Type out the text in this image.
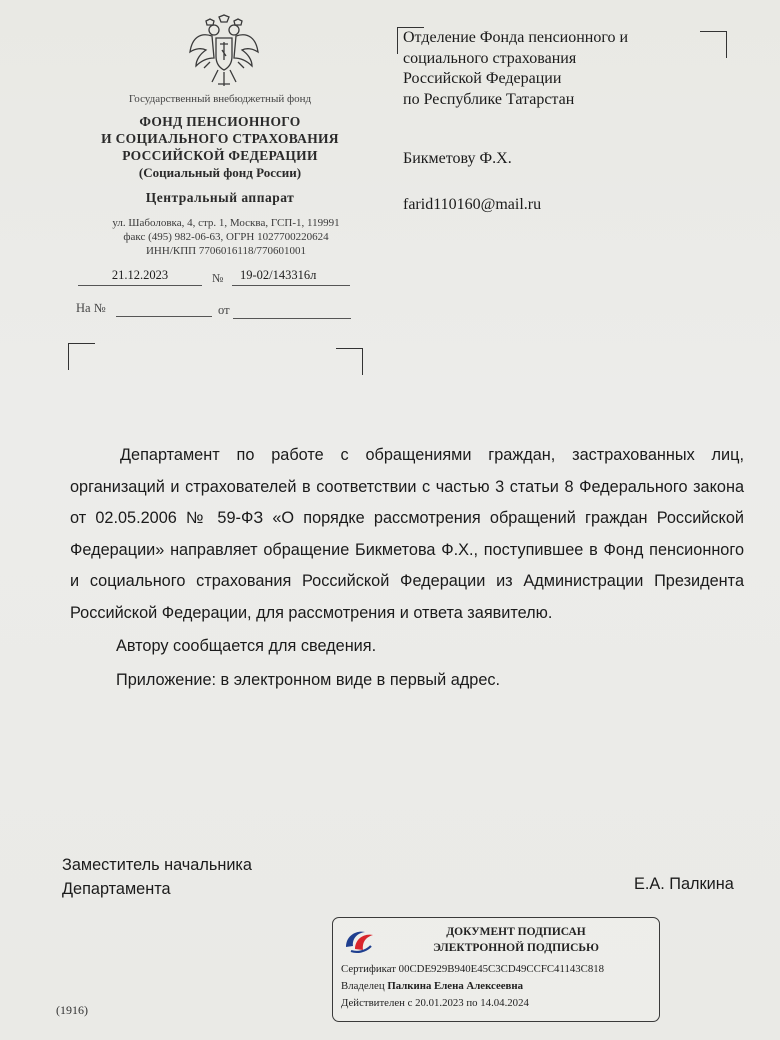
Государственный внебюджетный фонд
ФОНД ПЕНСИОННОГО
И СОЦИАЛЬНОГО СТРАХОВАНИЯ
РОССИЙСКОЙ ФЕДЕРАЦИИ
(Социальный фонд России)
Центральный аппарат
ул. Шаболовка, 4, стр. 1, Москва, ГСП-1, 119991
факс (495) 982-06-63, ОГРН 1027700220624
ИНН/КПП 7706016118/770601001
21.12.2023	№	19-02/143316л
На №	от
Отделение Фонда пенсионного и
социального страхования
Российской Федерации
по Республике Татарстан
Бикметову Ф.Х.
farid110160@mail.ru

Департамент по работе с обращениями граждан, застрахованных лиц, организаций и страхователей в соответствии с частью 3 статьи 8 Федерального закона от 02.05.2006 № 59-ФЗ «О порядке рассмотрения обращений граждан Российской Федерации» направляет обращение Бикметова Ф.Х., поступившее в Фонд пенсионного и социального страхования Российской Федерации из Администрации Президента Российской Федерации, для рассмотрения и ответа заявителю.

Автору сообщается для сведения.

Приложение: в электронном виде в первый адрес.

Заместитель начальника
Департамента	Е.А. Палкина
ДОКУМЕНТ ПОДПИСАН
ЭЛЕКТРОННОЙ ПОДПИСЬЮ
Сертификат 00CDE929B940E45C3CD49CCFC41143C818
Владелец Палкина Елена Алексеевна
Действителен с 20.01.2023 по 14.04.2024
(1916)
